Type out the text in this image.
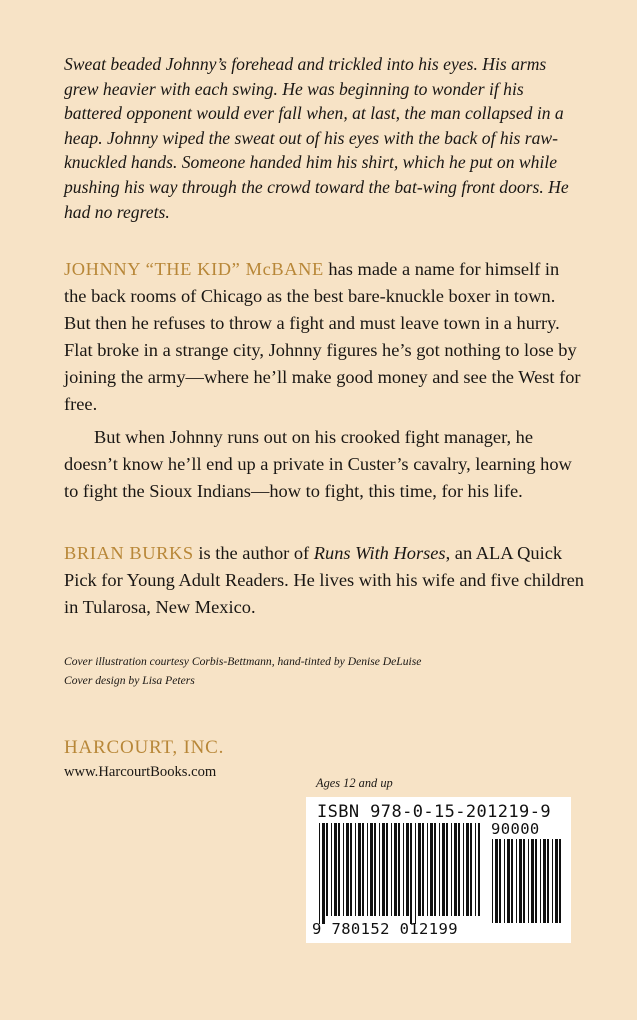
Sweat beaded Johnny’s forehead and trickled into his eyes. His arms grew heavier with each swing. He was beginning to wonder if his battered opponent would ever fall when, at last, the man collapsed in a heap. Johnny wiped the sweat out of his eyes with the back of his raw-knuckled hands. Someone handed him his shirt, which he put on while pushing his way through the crowd toward the bat-wing front doors. He had no regrets.

JOHNNY “THE KID” McBANE has made a name for himself in the back rooms of Chicago as the best bare-knuckle boxer in town. But then he refuses to throw a fight and must leave town in a hurry. Flat broke in a strange city, Johnny figures he’s got nothing to lose by joining the army—where he’ll make good money and see the West for free.

But when Johnny runs out on his crooked fight manager, he doesn’t know he’ll end up a private in Custer’s cavalry, learning how to fight the Sioux Indians—how to fight, this time, for his life.

BRIAN BURKS is the author of Runs With Horses, an ALA Quick Pick for Young Adult Readers. He lives with his wife and five children in Tularosa, New Mexico.

Cover illustration courtesy Corbis-Bettmann, hand-tinted by Denise DeLuise
Cover design by Lisa Peters
HARCOURT, INC.
www.HarcourtBooks.com
Ages 12 and up
ISBN 978-0-15-201219-9
90000
9 780152 012199
